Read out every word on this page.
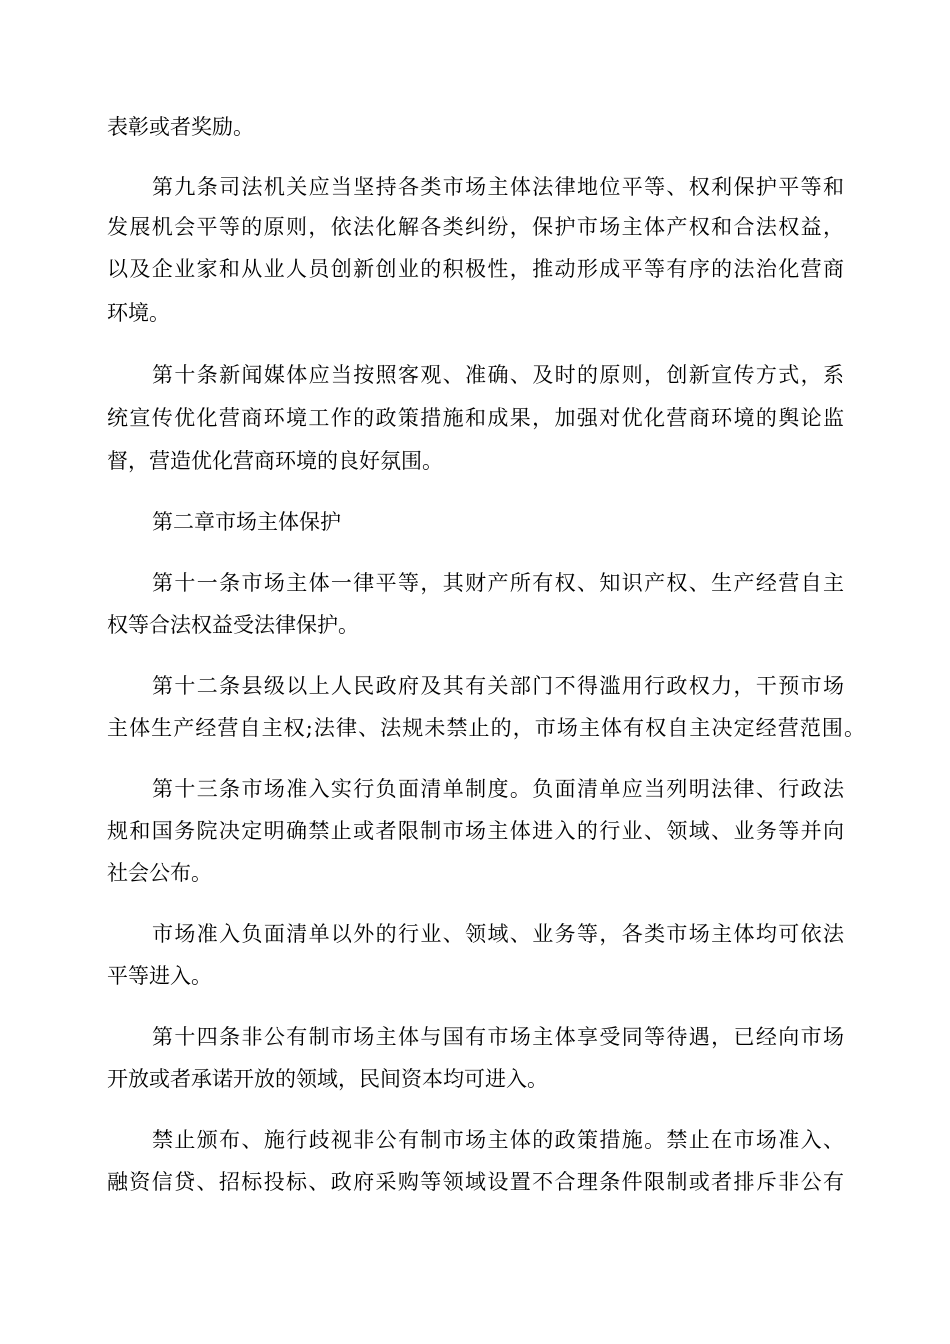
表彰或者奖励。
第九条司法机关应当坚持各类市场主体法律地位平等、权利保护平等和
发展机会平等的原则，依法化解各类纠纷，保护市场主体产权和合法权益，
以及企业家和从业人员创新创业的积极性，推动形成平等有序的法治化营商
环境。
第十条新闻媒体应当按照客观、准确、及时的原则，创新宣传方式，系
统宣传优化营商环境工作的政策措施和成果，加强对优化营商环境的舆论监
督，营造优化营商环境的良好氛围。
第二章市场主体保护
第十一条市场主体一律平等，其财产所有权、知识产权、生产经营自主
权等合法权益受法律保护。
第十二条县级以上人民政府及其有关部门不得滥用行政权力，干预市场
主体生产经营自主权;法律、法规未禁止的，市场主体有权自主决定经营范围。
第十三条市场准入实行负面清单制度。负面清单应当列明法律、行政法
规和国务院决定明确禁止或者限制市场主体进入的行业、领域、业务等并向
社会公布。
市场准入负面清单以外的行业、领域、业务等，各类市场主体均可依法
平等进入。
第十四条非公有制市场主体与国有市场主体享受同等待遇，已经向市场
开放或者承诺开放的领域，民间资本均可进入。
禁止颁布、施行歧视非公有制市场主体的政策措施。禁止在市场准入、
融资信贷、招标投标、政府采购等领域设置不合理条件限制或者排斥非公有
